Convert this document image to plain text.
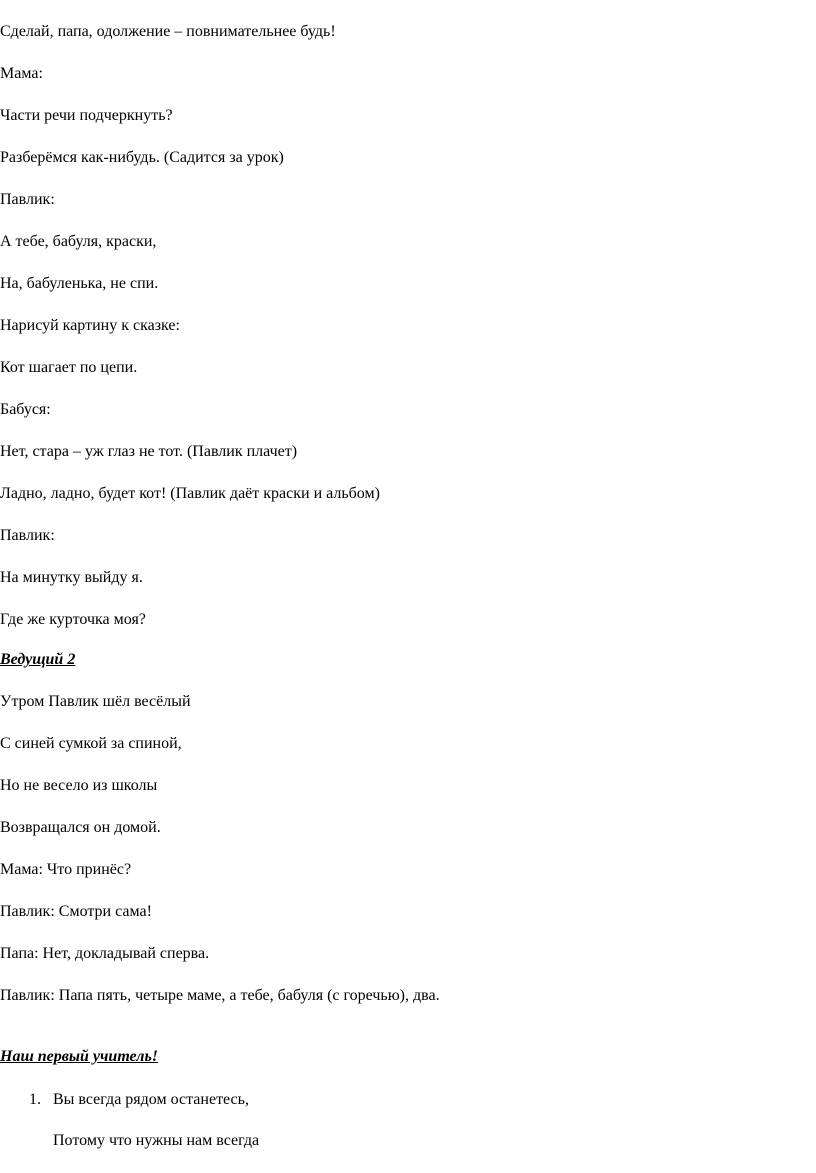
Сделай, папа, одолжение – повнимательнее будь!
Мама:
Части речи подчеркнуть?
Разберёмся как-нибудь. (Садится за урок)
Павлик:
А тебе, бабуля, краски,
На, бабуленька, не спи.
Нарисуй картину к сказке:
Кот шагает по цепи.
Бабуся:
Нет, стара – уж глаз не тот. (Павлик плачет)
Ладно, ладно, будет кот! (Павлик даёт краски и альбом)
Павлик:
На минутку выйду я.
Где же курточка моя?
Ведущий 2
Утром Павлик шёл весёлый
С синей сумкой за спиной,
Но не весело из школы
Возвращался он домой.
Мама: Что принёс?
Павлик: Смотри сама!
Папа: Нет, докладывай сперва.
Павлик: Папа пять, четыре маме, а тебе, бабуля (с горечью), два.
Наш первый учитель!
1. Вы всегда рядом останетесь,
Потому что нужны нам всегда
